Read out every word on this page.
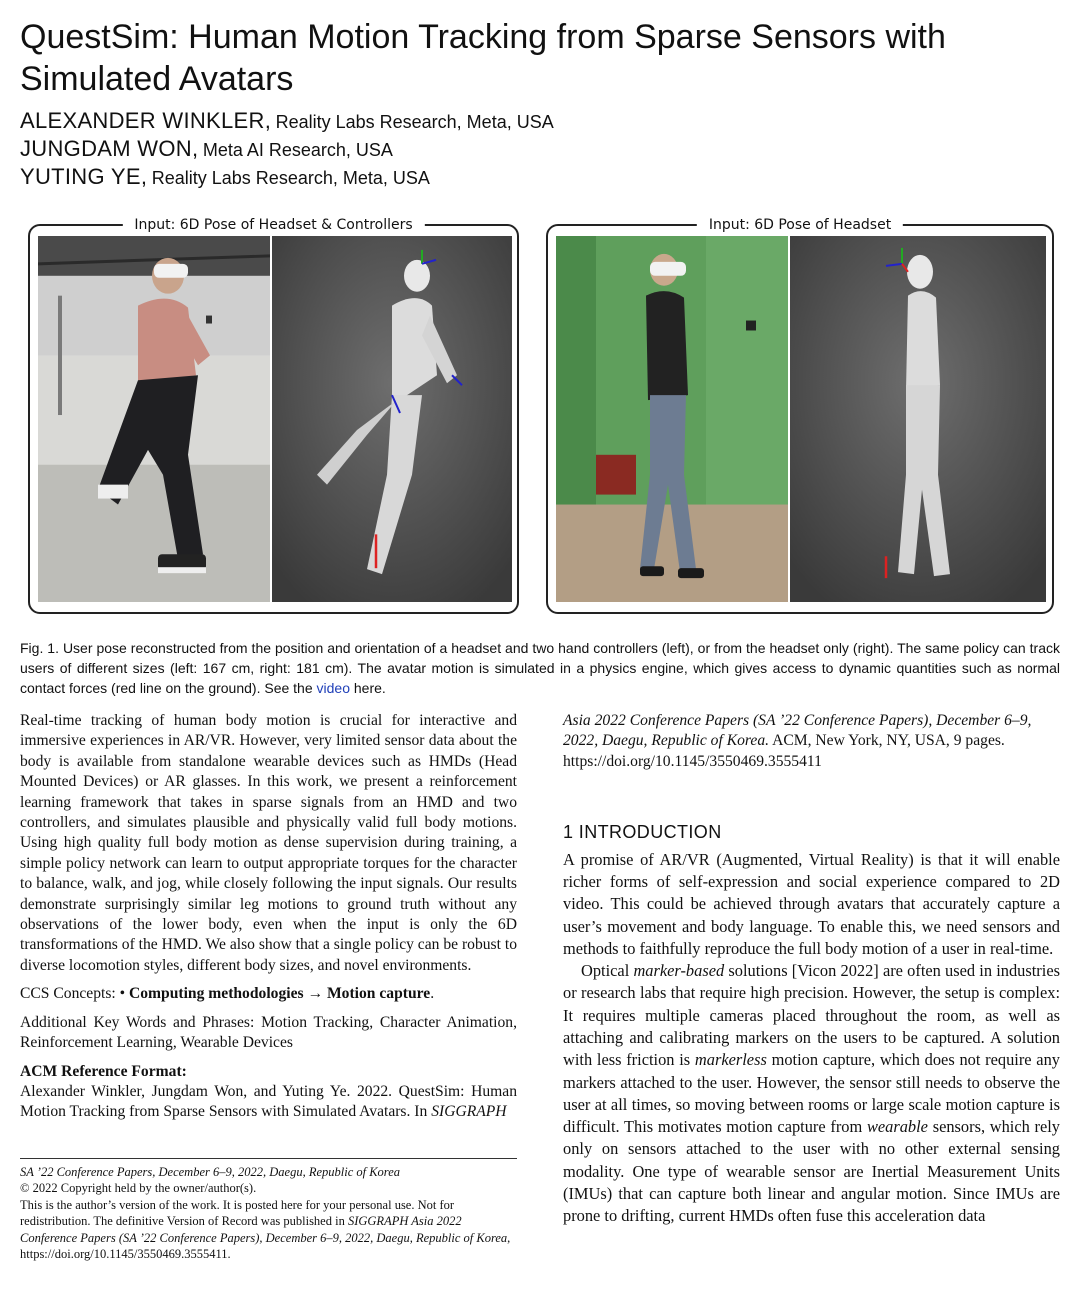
QuestSim: Human Motion Tracking from Sparse Sensors with Simulated Avatars
ALEXANDER WINKLER, Reality Labs Research, Meta, USA
JUNGDAM WON, Meta AI Research, USA
YUTING YE, Reality Labs Research, Meta, USA
Input: 6D Pose of Headset & Controllers	Input: 6D Pose of Headset
Fig. 1. User pose reconstructed from the position and orientation of a headset and two hand controllers (left), or from the headset only (right). The same policy can track users of different sizes (left: 167 cm, right: 181 cm). The avatar motion is simulated in a physics engine, which gives access to dynamic quantities such as normal contact forces (red line on the ground). See the video here.

Real-time tracking of human body motion is crucial for interactive and immersive experiences in AR/VR. However, very limited sensor data about the body is available from standalone wearable devices such as HMDs (Head Mounted Devices) or AR glasses. In this work, we present a reinforcement learning framework that takes in sparse signals from an HMD and two controllers, and simulates plausible and physically valid full body motions. Using high quality full body motion as dense supervision during training, a simple policy network can learn to output appropriate torques for the character to balance, walk, and jog, while closely following the input signals. Our results demonstrate surprisingly similar leg motions to ground truth without any observations of the lower body, even when the input is only the 6D transformations of the HMD. We also show that a single policy can be robust to diverse locomotion styles, different body sizes, and novel environments.

CCS Concepts: • Computing methodologies → Motion capture.

Additional Key Words and Phrases: Motion Tracking, Character Animation, Reinforcement Learning, Wearable Devices

ACM Reference Format:

Alexander Winkler, Jungdam Won, and Yuting Ye. 2022. QuestSim: Human Motion Tracking from Sparse Sensors with Simulated Avatars. In SIGGRAPH

SA ’22 Conference Papers, December 6–9, 2022, Daegu, Republic of Korea
© 2022 Copyright held by the owner/author(s).
This is the author’s version of the work. It is posted here for your personal use. Not for redistribution. The definitive Version of Record was published in SIGGRAPH Asia 2022 Conference Papers (SA ’22 Conference Papers), December 6–9, 2022, Daegu, Republic of Korea, https://doi.org/10.1145/3550469.3555411.

Asia 2022 Conference Papers (SA ’22 Conference Papers), December 6–9, 2022, Daegu, Republic of Korea. ACM, New York, NY, USA, 9 pages. https://doi.org/10.1145/3550469.3555411

1 INTRODUCTION

A promise of AR/VR (Augmented, Virtual Reality) is that it will enable richer forms of self-expression and social experience compared to 2D video. This could be achieved through avatars that accurately capture a user’s movement and body language. To enable this, we need sensors and methods to faithfully reproduce the full body motion of a user in real-time.

Optical marker-based solutions [Vicon 2022] are often used in industries or research labs that require high precision. However, the setup is complex: It requires multiple cameras placed throughout the room, as well as attaching and calibrating markers on the users to be captured. A solution with less friction is markerless motion capture, which does not require any markers attached to the user. However, the sensor still needs to observe the user at all times, so moving between rooms or large scale motion capture is difficult. This motivates motion capture from wearable sensors, which rely only on sensors attached to the user with no other external sensing modality. One type of wearable sensor are Inertial Measurement Units (IMUs) that can capture both linear and angular motion. Since IMUs are prone to drifting, current HMDs often fuse this acceleration data
